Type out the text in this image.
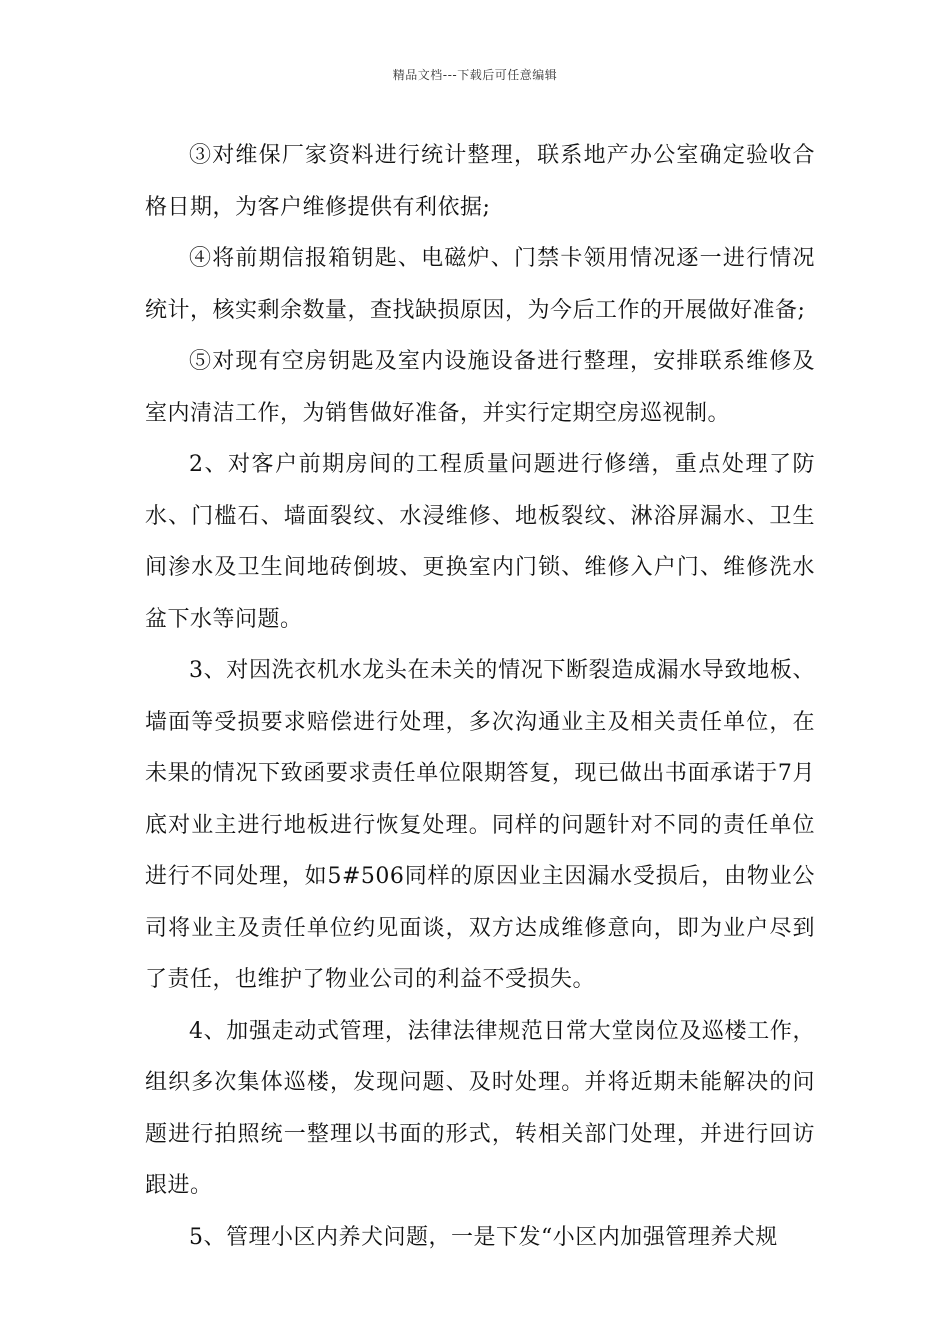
精品文档---下载后可任意编辑

③对维保厂家资料进行统计整理，联系地产办公室确定验收合格日期，为客户维修提供有利依据;

④将前期信报箱钥匙、电磁炉、门禁卡领用情况逐一进行情况统计，核实剩余数量，查找缺损原因，为今后工作的开展做好准备;

⑤对现有空房钥匙及室内设施设备进行整理，安排联系维修及室内清洁工作，为销售做好准备，并实行定期空房巡视制。

2、对客户前期房间的工程质量问题进行修缮，重点处理了防水、门槛石、墙面裂纹、水浸维修、地板裂纹、淋浴屏漏水、卫生间渗水及卫生间地砖倒坡、更换室内门锁、维修入户门、维修洗水盆下水等问题。

3、对因洗衣机水龙头在未关的情况下断裂造成漏水导致地板、墙面等受损要求赔偿进行处理，多次沟通业主及相关责任单位，在未果的情况下致函要求责任单位限期答复，现已做出书面承诺于7月底对业主进行地板进行恢复处理。同样的问题针对不同的责任单位进行不同处理，如5#506同样的原因业主因漏水受损后，由物业公司将业主及责任单位约见面谈，双方达成维修意向，即为业户尽到了责任，也维护了物业公司的利益不受损失。

4、加强走动式管理，法律法律规范日常大堂岗位及巡楼工作，组织多次集体巡楼，发现问题、及时处理。并将近期未能解决的问题进行拍照统一整理以书面的形式，转相关部门处理，并进行回访跟进。

5、管理小区内养犬问题，一是下发“小区内加强管理养犬规
